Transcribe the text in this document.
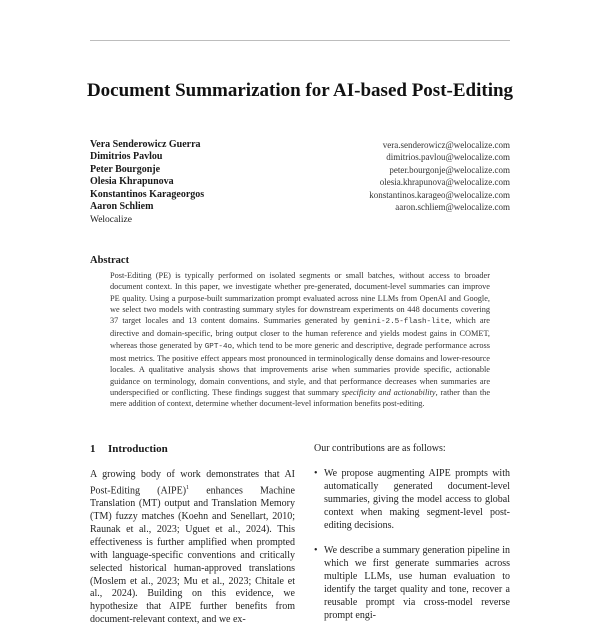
Document Summarization for AI-based Post-Editing
Vera Senderowicz Guerra	vera.senderowicz@welocalize.com
Dimitrios Pavlou	dimitrios.pavlou@welocalize.com
Peter Bourgonje	peter.bourgonje@welocalize.com
Olesia Khrapunova	olesia.khrapunova@welocalize.com
Konstantinos Karageorgos	konstantinos.karageo@welocalize.com
Aaron Schliem	aaron.schliem@welocalize.com
Welocalize
Abstract
Post-Editing (PE) is typically performed on isolated segments or small batches, without access to broader document context. In this paper, we investigate whether pre-generated, document-level summaries can improve PE quality. Using a purpose-built summarization prompt evaluated across nine LLMs from OpenAI and Google, we select two models with contrasting summary styles for downstream experiments on 448 documents covering 37 target locales and 13 content domains. Summaries generated by gemini-2.5-flash-lite, which are directive and domain-specific, bring output closer to the human reference and yields modest gains in COMET, whereas those generated by GPT-4o, which tend to be more generic and descriptive, degrade performance across most metrics. The positive effect appears most pronounced in terminologically dense domains and lower-resource locales. A qualitative analysis shows that improvements arise when summaries provide specific, actionable guidance on terminology, domain conventions, and style, and that performance decreases when summaries are underspecified or conflicting. These findings suggest that summary specificity and actionability, rather than the mere addition of context, determine whether document-level information benefits post-editing.
1 Introduction
A growing body of work demonstrates that AI Post-Editing (AIPE)$^1$ enhances Machine Translation (MT) output and Translation Memory (TM) fuzzy matches (Koehn and Senellart, 2010; Raunak et al., 2023; Uguet et al., 2024). This effectiveness is further amplified when prompted with language-specific conventions and critically selected historical human-approved translations (Moslem et al., 2023; Mu et al., 2023; Chitale et al., 2024). Building on this evidence, we hypothesize that AIPE further benefits from document-relevant context, and we ex-
Our contributions are as follows:
• We propose augmenting AIPE prompts with automatically generated document-level summaries, giving the model access to global context when making segment-level post-editing decisions.
• We describe a summary generation pipeline in which we first generate summaries across multiple LLMs, use human evaluation to identify the target quality and tone, recover a reusable prompt via cross-model reverse prompt engi-
